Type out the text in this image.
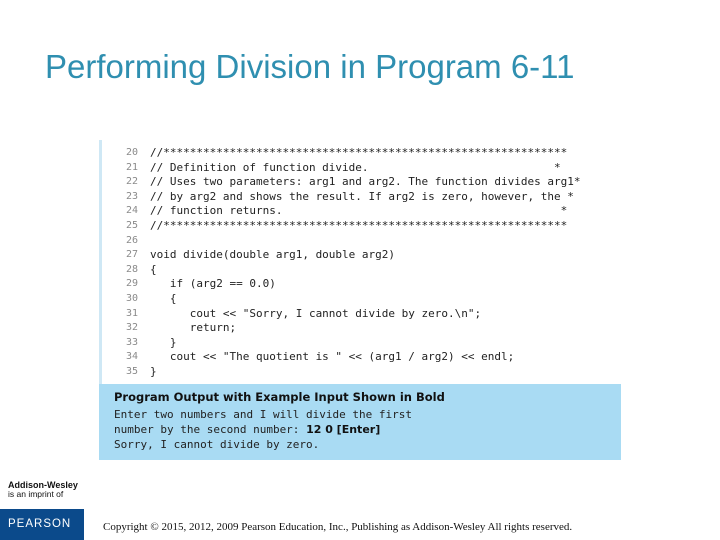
Performing Division in Program 6-11
20	//*************************************************************
21	// Definition of function divide.                            *
22	// Uses two parameters: arg1 and arg2. The function divides arg1*
23	// by arg2 and shows the result. If arg2 is zero, however, the *
24	// function returns.                                          *
25	//*************************************************************
26
27	void divide(double arg1, double arg2)
28	{
29	if (arg2 == 0.0)
30	{
31	cout << "Sorry, I cannot divide by zero.\n";
32	return;
33	}
34	cout << "The quotient is " << (arg1 / arg2) << endl;
35	}
Program Output with Example Input Shown in Bold
Enter two numbers and I will divide the first
number by the second number: 12 0 [Enter]
Sorry, I cannot divide by zero.
Addison-Wesley
is an imprint of
PEARSON	Copyright © 2015, 2012, 2009 Pearson Education, Inc., Publishing as Addison-Wesley All rights reserved.
